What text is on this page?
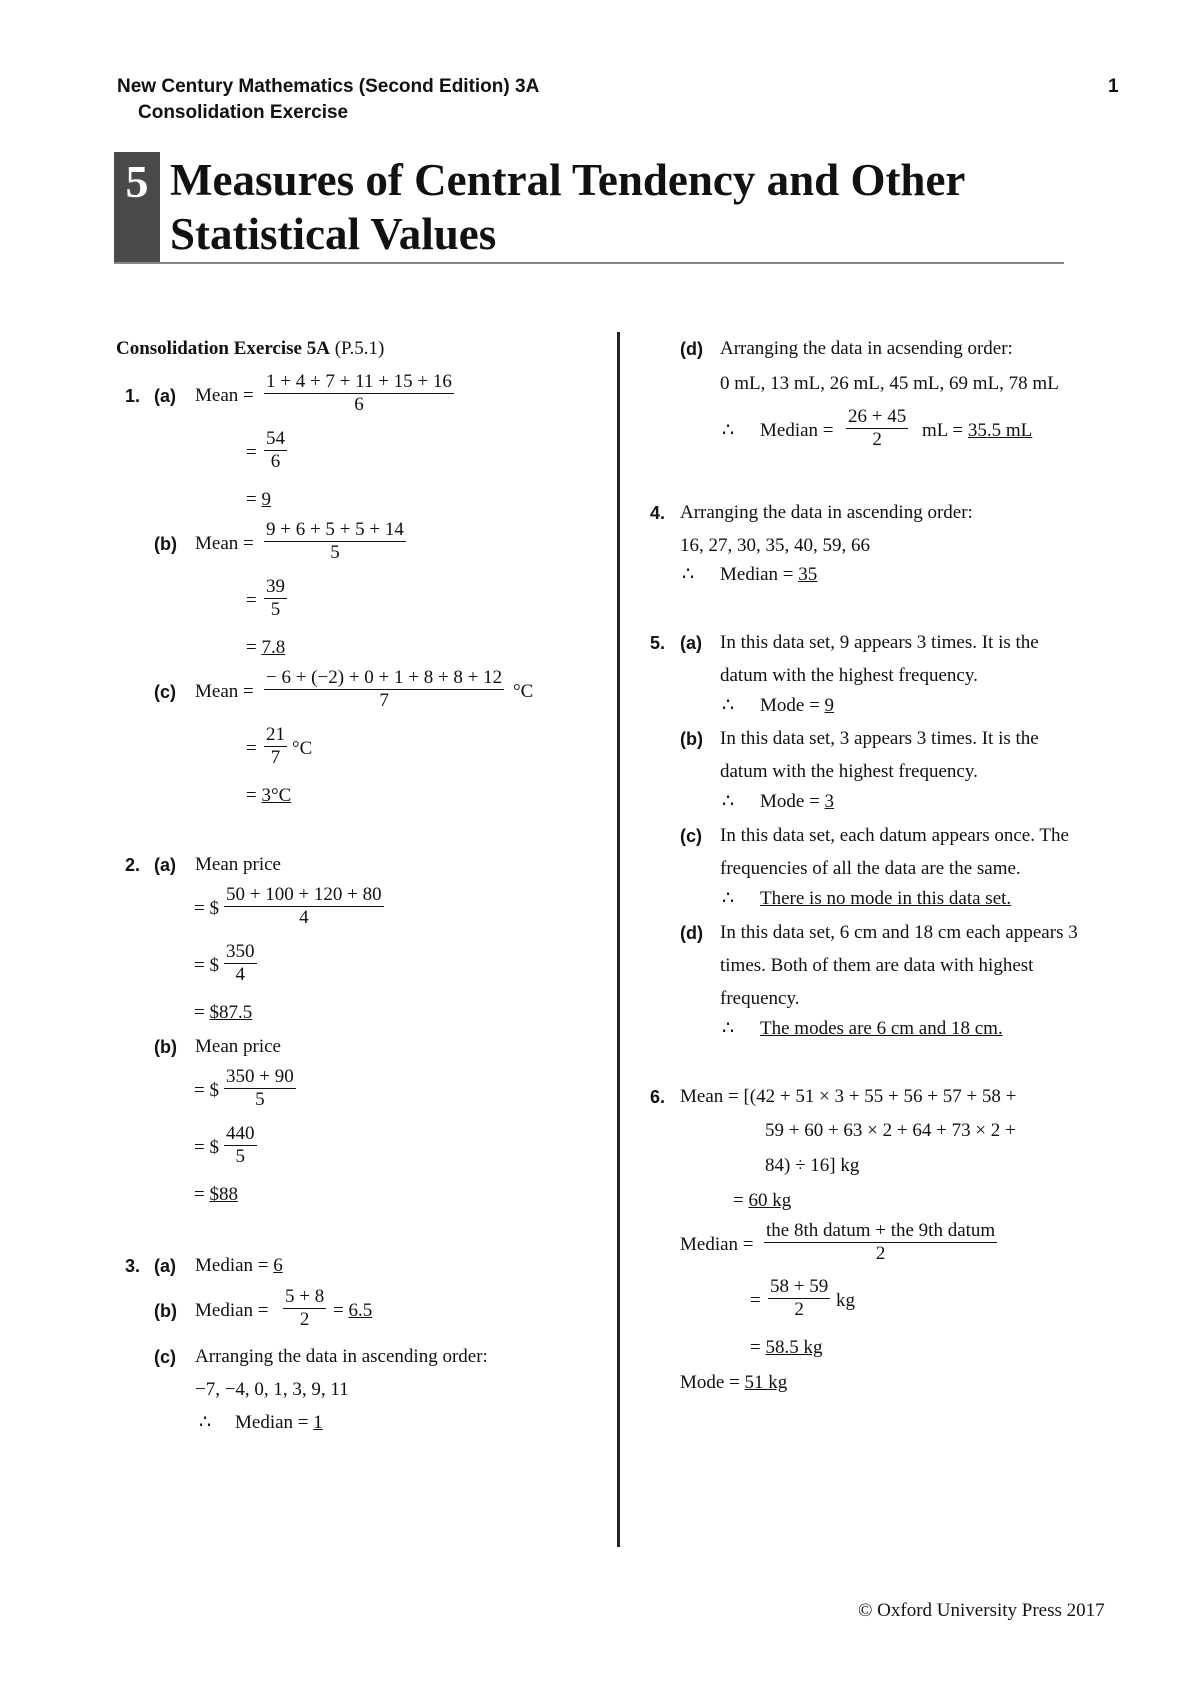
New Century Mathematics (Second Edition) 3A
Consolidation Exercise
1
5 Measures of Central Tendency and Other
Statistical Values
Consolidation Exercise 5A (P.5.1)
1. (a) Mean = $\frac{1 + 4 + 7 + 11 + 15 + 16}{6}$
= $\frac{54}{6}$
= 9
(b) Mean = $\frac{9 + 6 + 5 + 5 + 14}{5}$
= $\frac{39}{5}$
= 7.8
(c) Mean = $\frac{- 6 + (-2) + 0 + 1 + 8 + 8 + 12}{7} ^\circ C$
= $\frac{21}{7} ^\circ C$
= 3°C
2. (a) Mean price
= $ $\frac{50 + 100 + 120 + 80}{4}$
= $ $\frac{350}{4}$
= $87.5
(b) Mean price
= $ $\frac{350 + 90}{5}$
= $ $\frac{440}{5}$
= $88
3. (a) Median = 6
(b) Median = $\frac{5 + 8}{2} = 6.5$
(c) Arranging the data in ascending order:
−7, −4, 0, 1, 3, 9, 11
∴ Median = 1
(d) Arranging the data in acsending order:
0 mL, 13 mL, 26 mL, 45 mL, 69 mL, 78 mL
∴ Median = $\frac{26 + 45}{2}$ mL = 35.5 mL
4. Arranging the data in ascending order:
16, 27, 30, 35, 40, 59, 66
∴ Median = 35
5. (a) In this data set, 9 appears 3 times. It is the
datum with the highest frequency.
∴ Mode = 9
(b) In this data set, 3 appears 3 times. It is the
datum with the highest frequency.
∴ Mode = 3
(c) In this data set, each datum appears once. The
frequencies of all the data are the same.
∴ There is no mode in this data set.
(d) In this data set, 6 cm and 18 cm each appears 3
times. Both of them are data with highest
frequency.
∴ The modes are 6 cm and 18 cm.
6. Mean = [(42 + 51 × 3 + 55 + 56 + 57 + 58 +
59 + 60 + 63 × 2 + 64 + 73 × 2 +
84) ÷ 16] kg
= 60 kg
Median =
the 8th datum + the 9th datum
2
= $\frac{58 + 59}{2}$ kg
= 58.5 kg
Mode = 51 kg
© Oxford University Press 2017
